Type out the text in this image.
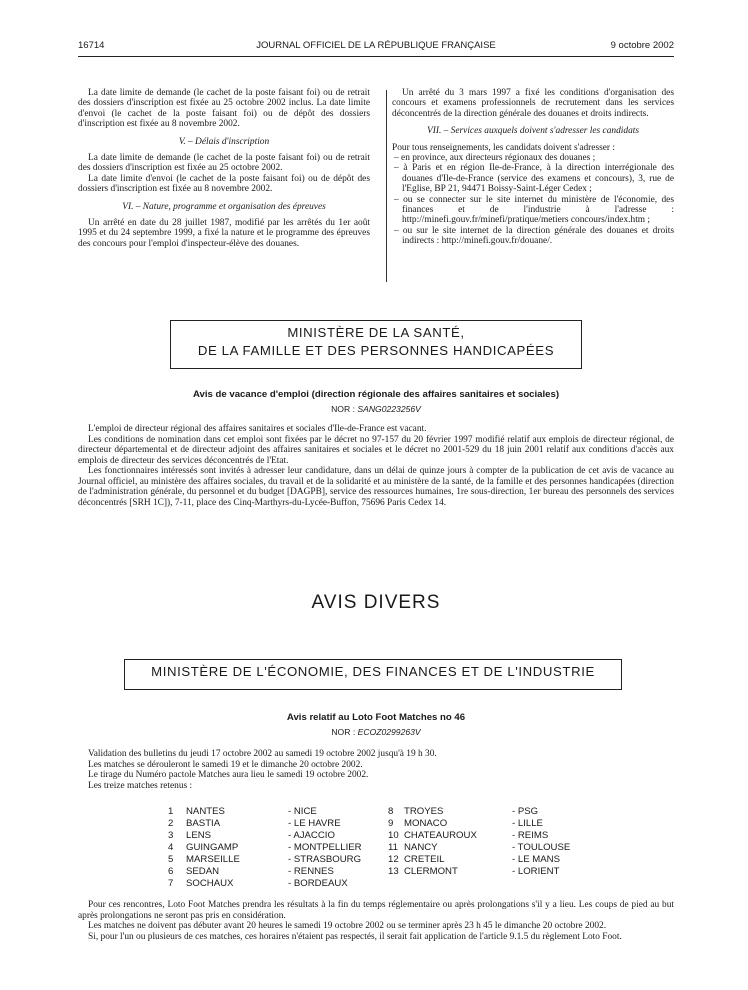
16714	JOURNAL OFFICIEL DE LA RÉPUBLIQUE FRANÇAISE	9 octobre 2002

La date limite de demande (le cachet de la poste faisant foi) ou de retrait des dossiers d'inscription est fixée au 25 octobre 2002 inclus. La date limite d'envoi (le cachet de la poste faisant foi) ou de dépôt des dossiers d'inscription est fixée au 8 novembre 2002.

V. – Délais d'inscription

La date limite de demande (le cachet de la poste faisant foi) ou de retrait des dossiers d'inscription est fixée au 25 octobre 2002.

La date limite d'envoi (le cachet de la poste faisant foi) ou de dépôt des dossiers d'inscription est fixée au 8 novembre 2002.

VI. – Nature, programme et organisation des épreuves

Un arrêté en date du 28 juillet 1987, modifié par les arrêtés du 1er août 1995 et du 24 septembre 1999, a fixé la nature et le programme des épreuves des concours pour l'emploi d'inspecteur-élève des douanes.

Un arrêté du 3 mars 1997 a fixé les conditions d'organisation des concours et examens professionnels de recrutement dans les services déconcentrés de la direction générale des douanes et droits indirects.

VII. – Services auxquels doivent s'adresser les candidats

Pour tous renseignements, les candidats doivent s'adresser :

– en province, aux directeurs régionaux des douanes ;
– à Paris et en région Ile-de-France, à la direction interrégionale des douanes d'Ile-de-France (service des examens et concours), 3, rue de l'Eglise, BP 21, 94471 Boissy-Saint-Léger Cedex ;
– ou se connecter sur le site internet du ministère de l'économie, des finances et de l'industrie à l'adresse : http://minefi.gouv.fr/minefi/pratique/metiers concours/index.htm ;
– ou sur le site internet de la direction générale des douanes et droits indirects : http://minefi.gouv.fr/douane/.
MINISTÈRE DE LA SANTÉ,
DE LA FAMILLE ET DES PERSONNES HANDICAPÉES
Avis de vacance d'emploi (direction régionale des affaires sanitaires et sociales)
NOR : SANG0223256V

L'emploi de directeur régional des affaires sanitaires et sociales d'Ile-de-France est vacant.

Les conditions de nomination dans cet emploi sont fixées par le décret no 97-157 du 20 février 1997 modifié relatif aux emplois de directeur régional, de directeur départemental et de directeur adjoint des affaires sanitaires et sociales et le décret no 2001-529 du 18 juin 2001 relatif aux conditions d'accès aux emplois de directeur des services déconcentrés de l'Etat.

Les fonctionnaires intéressés sont invités à adresser leur candidature, dans un délai de quinze jours à compter de la publication de cet avis de vacance au Journal officiel, au ministère des affaires sociales, du travail et de la solidarité et au ministère de la santé, de la famille et des personnes handicapées (direction de l'administration générale, du personnel et du budget [DAGPB], service des ressources humaines, 1re sous-direction, 1er bureau des personnels des services déconcentrés [SRH 1C]), 7-11, place des Cinq-Marthyrs-du-Lycée-Buffon, 75696 Paris Cedex 14.

AVIS DIVERS
MINISTÈRE DE L'ÉCONOMIE, DES FINANCES ET DE L'INDUSTRIE
Avis relatif au Loto Foot Matches no 46
NOR : ECOZ0299263V

Validation des bulletins du jeudi 17 octobre 2002 au samedi 19 octobre 2002 jusqu'à 19 h 30.

Les matches se dérouleront le samedi 19 et le dimanche 20 octobre 2002.

Le tirage du Numéro pactole Matches aura lieu le samedi 19 octobre 2002.

Les treize matches retenus :

1	NANTES	- NICE
2	BASTIA	- LE HAVRE
3	LENS	- AJACCIO
4	GUINGAMP	- MONTPELLIER
5	MARSEILLE	- STRASBOURG
6	SEDAN	- RENNES
7	SOCHAUX	- BORDEAUX
8	TROYES	- PSG
9	MONACO	- LILLE
10 CHATEAUROUX	- REIMS
11 NANCY	- TOULOUSE
12 CRETEIL	- LE MANS
13 CLERMONT	- LORIENT

Pour ces rencontres, Loto Foot Matches prendra les résultats à la fin du temps réglementaire ou après prolongations s'il y a lieu. Les coups de pied au but après prolongations ne seront pas pris en considération.

Les matches ne doivent pas débuter avant 20 heures le samedi 19 octobre 2002 ou se terminer après 23 h 45 le dimanche 20 octobre 2002.

Si, pour l'un ou plusieurs de ces matches, ces horaires n'étaient pas respectés, il serait fait application de l'article 9.1.5 du règlement Loto Foot.
